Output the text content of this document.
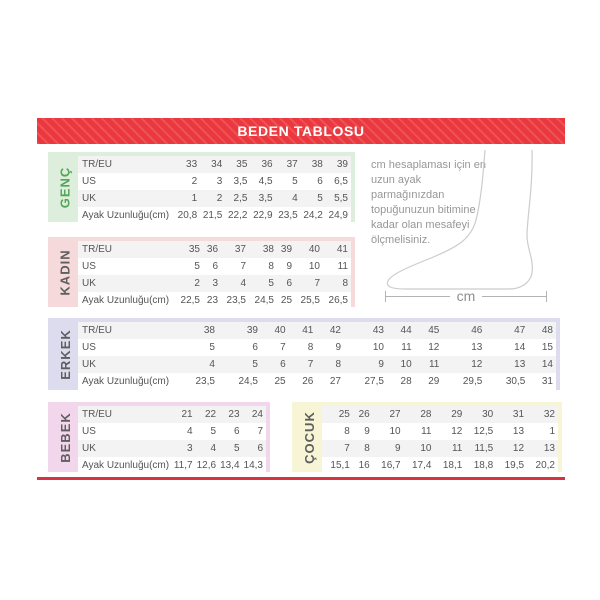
BEDEN TABLOSU
cm hesaplaması için en uzun ayak parmağınızdan topuğunuzun bitimine kadar olan mesafeyi ölçmelisiniz.
cm
GENÇ
TR/EU	33	34	35	36	37	38	39
US	2	3	3,5	4,5	5	6	6,5
UK	1	2	2,5	3,5	4	5	5,5
Ayak Uzunluğu(cm)	20,8	21,5	22,2	22,9	23,5	24,2	24,9
KADIN TR/EU	35	36	37	38	39	40	41
US	5	6	7	8	9	10	11
UK	2	3	4	5	6	7	8
Ayak Uzunluğu(cm)	22,5	23	23,5	24,5	25	25,5	26,5
ERKEK TR/EU	38	39	40	41	42	43	44	45	46	47	48
US	5	6	7	8	9	10	11	12	13	14	15
UK	4	5	6	7	8	9	10	11	12	13	14
Ayak Uzunluğu(cm)	23,5	24,5	25	26	27	27,5	28	29	29,5	30,5	31
BEBEK TR/EU	21	22	23	24
US	4	5	6	7
UK	3	4	5	6
Ayak Uzunluğu(cm)	11,7	12,6	13,4	14,3
ÇOCUK 25	26	27	28	29	30	31	32
8	9	10	11	12	12,5	13	1
7	8	9	10	11	11,5	12	13
15,1	16	16,7	17,4	18,1	18,8	19,5	20,2
